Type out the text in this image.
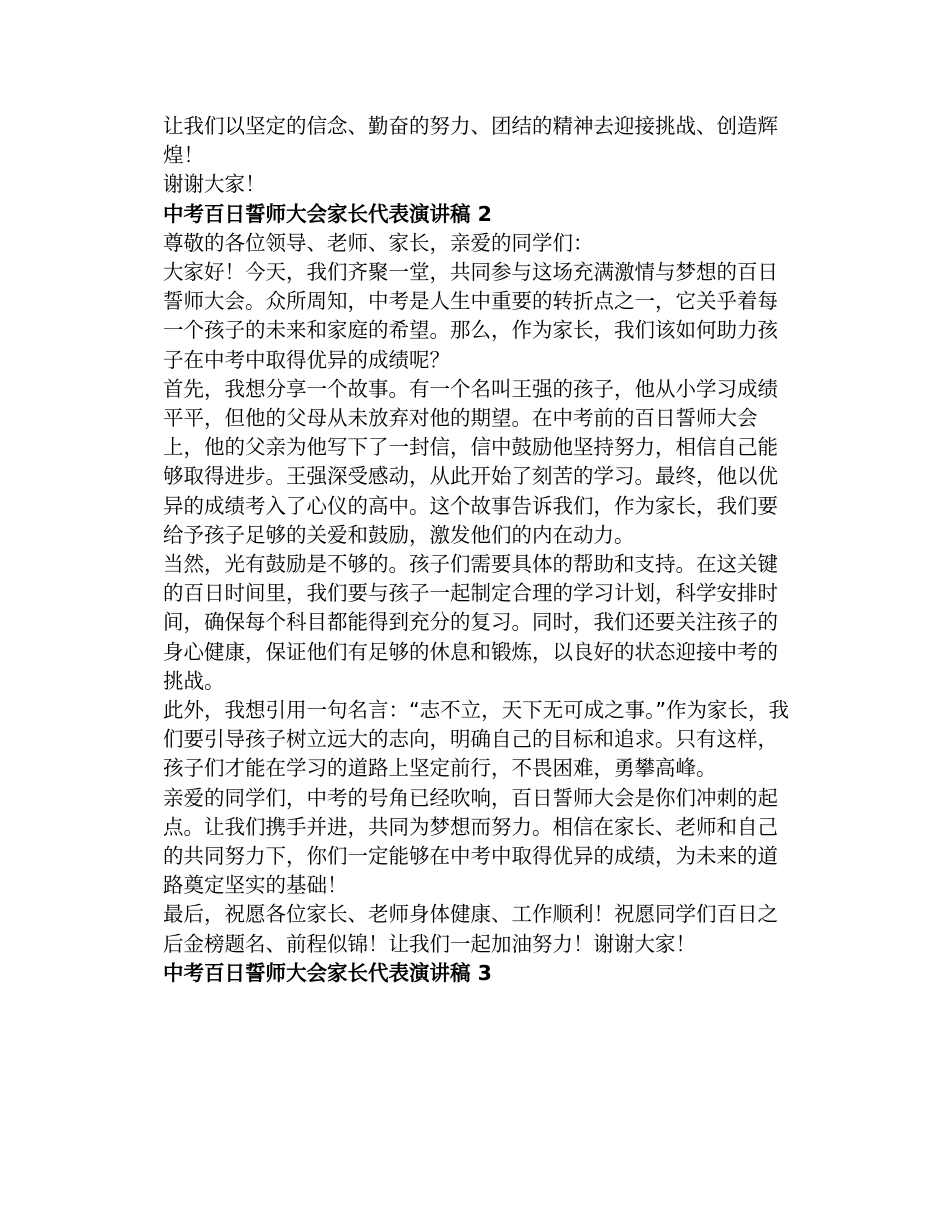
让我们以坚定的信念、勤奋的努力、团结的精神去迎接挑战、创造辉煌！

谢谢大家！

中考百日誓师大会家长代表演讲稿 2

尊敬的各位领导、老师、家长，亲爱的同学们：

大家好！今天，我们齐聚一堂，共同参与这场充满激情与梦想的百日誓师大会。众所周知，中考是人生中重要的转折点之一，它关乎着每一个孩子的未来和家庭的希望。那么，作为家长，我们该如何助力孩子在中考中取得优异的成绩呢？

首先，我想分享一个故事。有一个名叫王强的孩子，他从小学习成绩平平，但他的父母从未放弃对他的期望。在中考前的百日誓师大会上，他的父亲为他写下了一封信，信中鼓励他坚持努力，相信自己能够取得进步。王强深受感动，从此开始了刻苦的学习。最终，他以优异的成绩考入了心仪的高中。这个故事告诉我们，作为家长，我们要给予孩子足够的关爱和鼓励，激发他们的内在动力。

当然，光有鼓励是不够的。孩子们需要具体的帮助和支持。在这关键的百日时间里，我们要与孩子一起制定合理的学习计划，科学安排时间，确保每个科目都能得到充分的复习。同时，我们还要关注孩子的身心健康，保证他们有足够的休息和锻炼，以良好的状态迎接中考的挑战。

此外，我想引用一句名言：“志不立，天下无可成之事。”作为家长，我们要引导孩子树立远大的志向，明确自己的目标和追求。只有这样，孩子们才能在学习的道路上坚定前行，不畏困难，勇攀高峰。

亲爱的同学们，中考的号角已经吹响，百日誓师大会是你们冲刺的起点。让我们携手并进，共同为梦想而努力。相信在家长、老师和自己的共同努力下，你们一定能够在中考中取得优异的成绩，为未来的道路奠定坚实的基础！

最后，祝愿各位家长、老师身体健康、工作顺利！祝愿同学们百日之后金榜题名、前程似锦！让我们一起加油努力！谢谢大家！

中考百日誓师大会家长代表演讲稿 3
